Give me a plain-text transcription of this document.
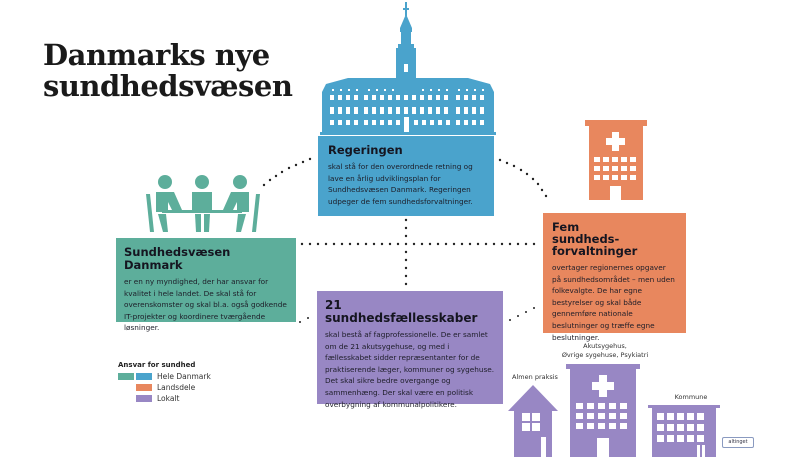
Danmarks nye
sundhedsvæsen
Regeringen

skal stå for den overordnede retning og lave en årlig udviklingsplan for Sundhedsvæsen Danmark. Regeringen udpeger de fem sundhedsforvaltninger.

Sundhedsvæsen Danmark

er en ny myndighed, der har ansvar for kvalitet i hele landet. De skal stå for overenskomster og skal bl.a. også godkende IT-projekter og koordinere tværgående løsninger.

Fem
sundheds-
forvaltninger

overtager regionernes opgaver på sundhedsområdet – men uden folkevalgte. De har egne bestyrelser og skal både gennemføre nationale beslutninger og træffe egne beslutninger.

21 sundhedsfællesskaber

skal bestå af fagprofessionelle. De er samlet om de 21 akutsygehuse, og med i fællesskabet sidder repræsentanter for de praktiserende læger, kommuner og sygehuse. Det skal sikre bedre overgange og sammenhæng. Der skal være en politisk overbygning af kommunalpolitikere.

Ansvar for sundhed
Hele Danmark
Landsdele
Lokalt
Almen praksis
Akutsygehus,
Øvrige sygehuse, Psykiatri
Kommune
altinget
